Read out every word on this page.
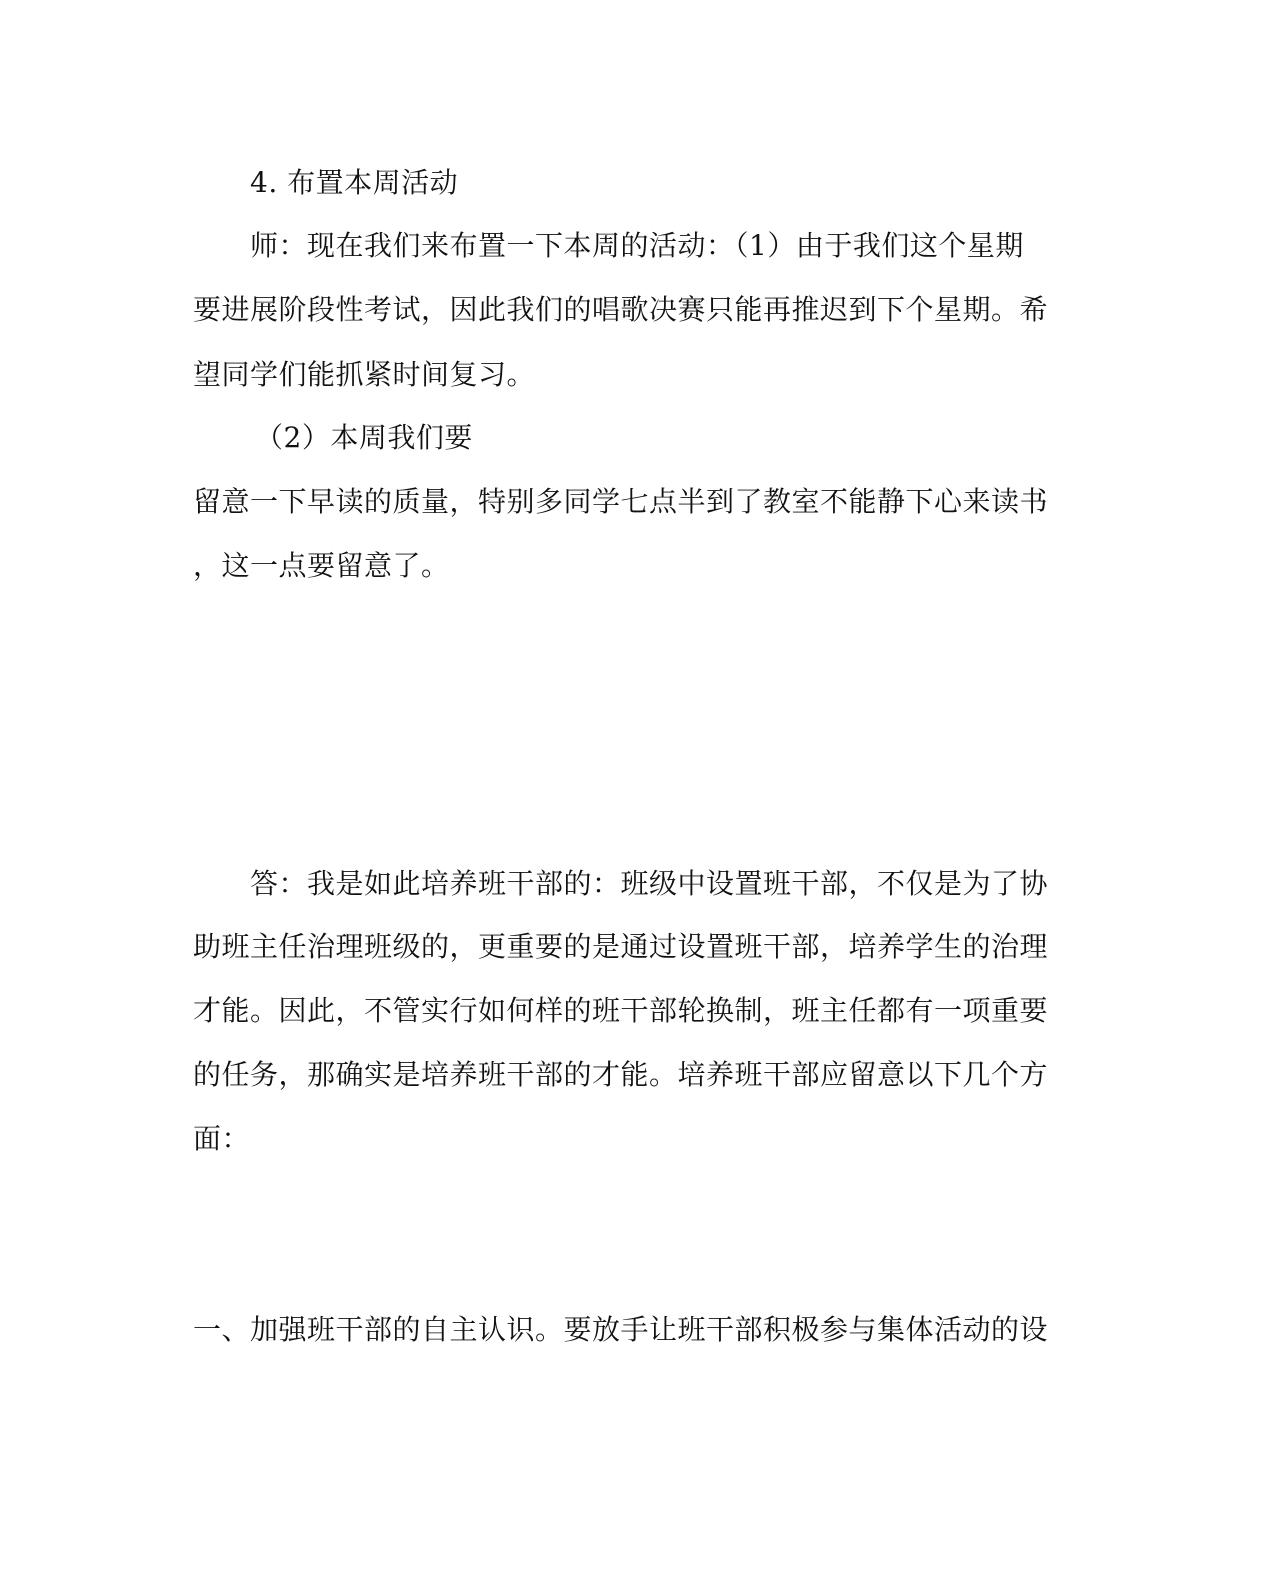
4. 布置本周活动
师：现在我们来布置一下本周的活动：（1）由于我们这个星期
要进展阶段性考试，因此我们的唱歌决赛只能再推迟到下个星期。希
望同学们能抓紧时间复习。
（2）本周我们要
留意一下早读的质量，特别多同学七点半到了教室不能静下心来读书
，这一点要留意了。
答：我是如此培养班干部的：班级中设置班干部，不仅是为了协
助班主任治理班级的，更重要的是通过设置班干部，培养学生的治理
才能。因此，不管实行如何样的班干部轮换制，班主任都有一项重要
的任务，那确实是培养班干部的才能。培养班干部应留意以下几个方
面：
一、加强班干部的自主认识。要放手让班干部积极参与集体活动的设
